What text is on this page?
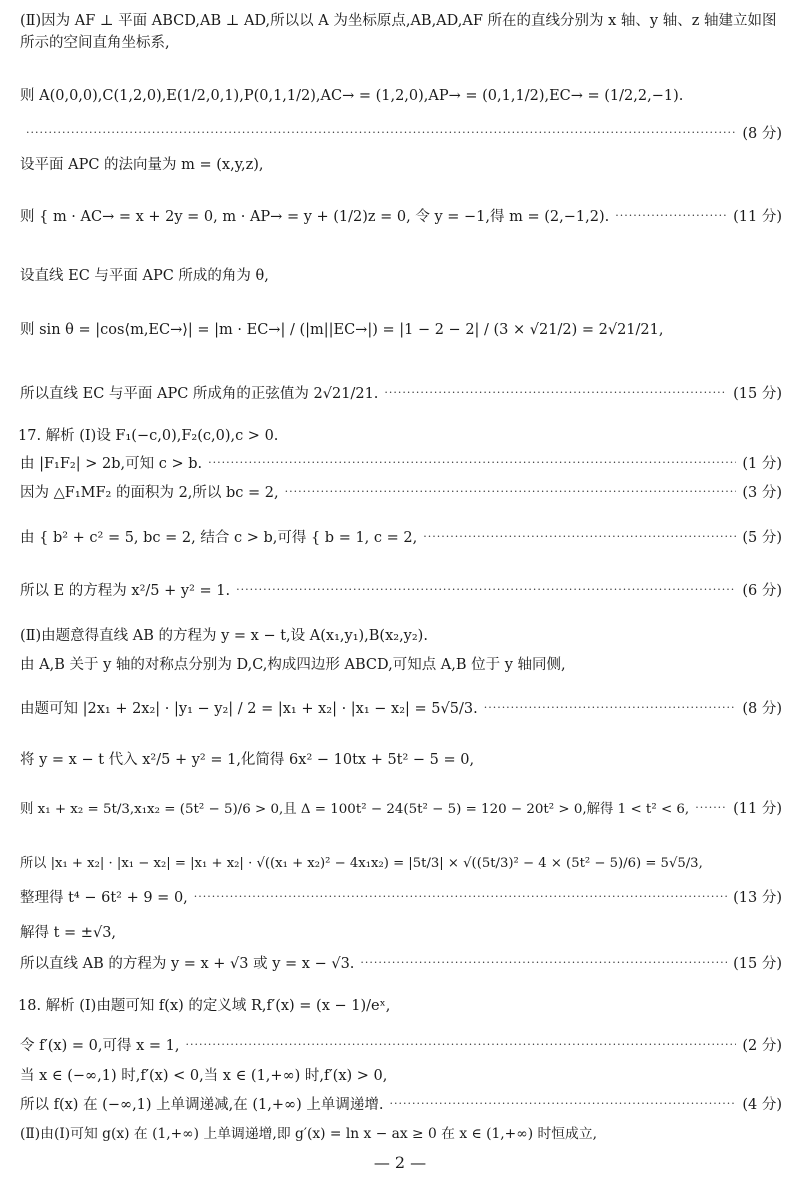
(Ⅱ)因为 AF ⊥ 平面 ABCD,AB ⊥ AD,所以以 A 为坐标原点,AB,AD,AF 所在的直线分别为 x 轴、y 轴、z 轴建立如图所示的空间直角坐标系,
则 A(0,0,0),C(1,2,0),E(1/2,0,1),P(0,1,1/2),AC→ = (1,2,0),AP→ = (0,1,1/2),EC→ = (1/2,2,−1).
·····
(8 分)
设平面 APC 的法向量为 m = (x,y,z),
则 { m · AC→ = x + 2y = 0, m · AP→ = y + (1/2)z = 0, 令 y = −1,得 m = (2,−1,2). ·····	(11 分)
设直线 EC 与平面 APC 所成的角为 θ,
则 sin θ = |cos⟨m,EC→⟩| = |m · EC→| / (|m||EC→|) = |1 − 2 − 2| / (3 × √21/2) = 2√21/21,
所以直线 EC 与平面 APC 所成角的正弦值为 2√21/21. ·····	(15 分)
17. 解析 (Ⅰ)设 F₁(−c,0),F₂(c,0),c > 0.
由 |F₁F₂| > 2b,可知 c > b. ·····	(1 分)
因为 △F₁MF₂ 的面积为 2,所以 bc = 2, ·····	(3 分)
由 { b² + c² = 5, bc = 2, 结合 c > b,可得 { b = 1, c = 2, ·····	(5 分)
所以 E 的方程为 x²/5 + y² = 1. ·····	(6 分)
(Ⅱ)由题意得直线 AB 的方程为 y = x − t,设 A(x₁,y₁),B(x₂,y₂).
由 A,B 关于 y 轴的对称点分别为 D,C,构成四边形 ABCD,可知点 A,B 位于 y 轴同侧,
由题可知 |2x₁ + 2x₂| · |y₁ − y₂| / 2 = |x₁ + x₂| · |x₁ − x₂| = 5√5/3. ·····	(8 分)
将 y = x − t 代入 x²/5 + y² = 1,化简得 6x² − 10tx + 5t² − 5 = 0,
则 x₁ + x₂ = 5t/3,x₁x₂ = (5t² − 5)/6 > 0,且 Δ = 100t² − 24(5t² − 5) = 120 − 20t² > 0,解得 1 < t² < 6, ·····	(11 分)
所以 |x₁ + x₂| · |x₁ − x₂| = |x₁ + x₂| · √((x₁ + x₂)² − 4x₁x₂) = |5t/3| × √((5t/3)² − 4 × (5t² − 5)/6) = 5√5/3,
整理得 t⁴ − 6t² + 9 = 0, ·····	(13 分)
解得 t = ±√3,
所以直线 AB 的方程为 y = x + √3 或 y = x − √3. ·····	(15 分)
18. 解析 (Ⅰ)由题可知 f(x) 的定义域 R,f′(x) = (x − 1)/eˣ,
令 f′(x) = 0,可得 x = 1, ·····	(2 分)
当 x ∈ (−∞,1) 时,f′(x) < 0,当 x ∈ (1,+∞) 时,f′(x) > 0,
所以 f(x) 在 (−∞,1) 上单调递减,在 (1,+∞) 上单调递增. ·····	(4 分)
(Ⅱ)由(Ⅰ)可知 g(x) 在 (1,+∞) 上单调递增,即 g′(x) = ln x − ax ≥ 0 在 x ∈ (1,+∞) 时恒成立,
— 2 —
